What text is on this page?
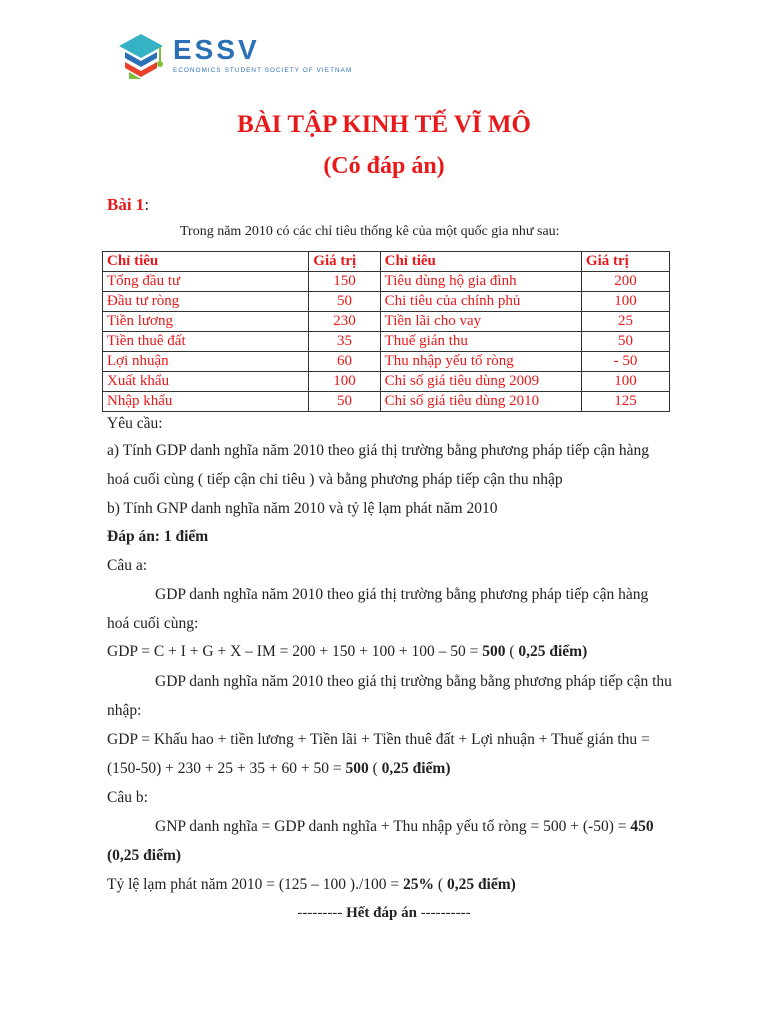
ESSV
ECONOMICS STUDENT SOCIETY OF VIETNAM
BÀI TẬP KINH TẾ VĨ MÔ
(Có đáp án)
Bài 1:
Trong năm 2010 có các chỉ tiêu thống kê của một quốc gia như sau:
Chỉ tiêu	Giá trị	Chỉ tiêu	Giá trị
Tổng đầu tư	150	Tiêu dùng hộ gia đình	200
Đầu tư ròng	50	Chi tiêu của chính phủ	100
Tiền lương	230	Tiền lãi cho vay	25
Tiền thuê đất	35	Thuế gián thu	50
Lợi nhuận	60	Thu nhập yếu tố ròng	- 50
Xuất khẩu	100	Chỉ số giá tiêu dùng 2009	100
Nhập khẩu	50	Chỉ số giá tiêu dùng 2010	125
Yêu cầu:
a) Tính GDP danh nghĩa năm 2010 theo giá thị trường bằng phương pháp tiếp cận hàng
hoá cuối cùng ( tiếp cận chi tiêu ) và bằng phương pháp tiếp cận thu nhập
b) Tính GNP danh nghĩa năm 2010 và tỷ lệ lạm phát năm 2010
Đáp án: 1 điểm
Câu a:
GDP danh nghĩa năm 2010 theo giá thị trường bằng phương pháp tiếp cận hàng
hoá cuối cùng:
GDP = C + I + G + X – IM = 200 + 150 + 100 + 100 – 50 = 500 ( 0,25 điểm)
GDP danh nghĩa năm 2010 theo giá thị trường bằng bằng phương pháp tiếp cận thu
nhập:
GDP = Khấu hao + tiền lương + Tiền lãi + Tiền thuê đất + Lợi nhuận + Thuế gián thu =
(150-50) + 230 + 25 + 35 + 60 + 50 = 500 ( 0,25 điểm)
Câu b:
GNP danh nghĩa = GDP danh nghĩa + Thu nhập yếu tố ròng = 500 + (-50) = 450
(0,25 điểm)
Tỷ lệ lạm phát năm 2010 = (125 – 100 )./100 = 25% ( 0,25 điểm)
--------- Hết đáp án ----------
